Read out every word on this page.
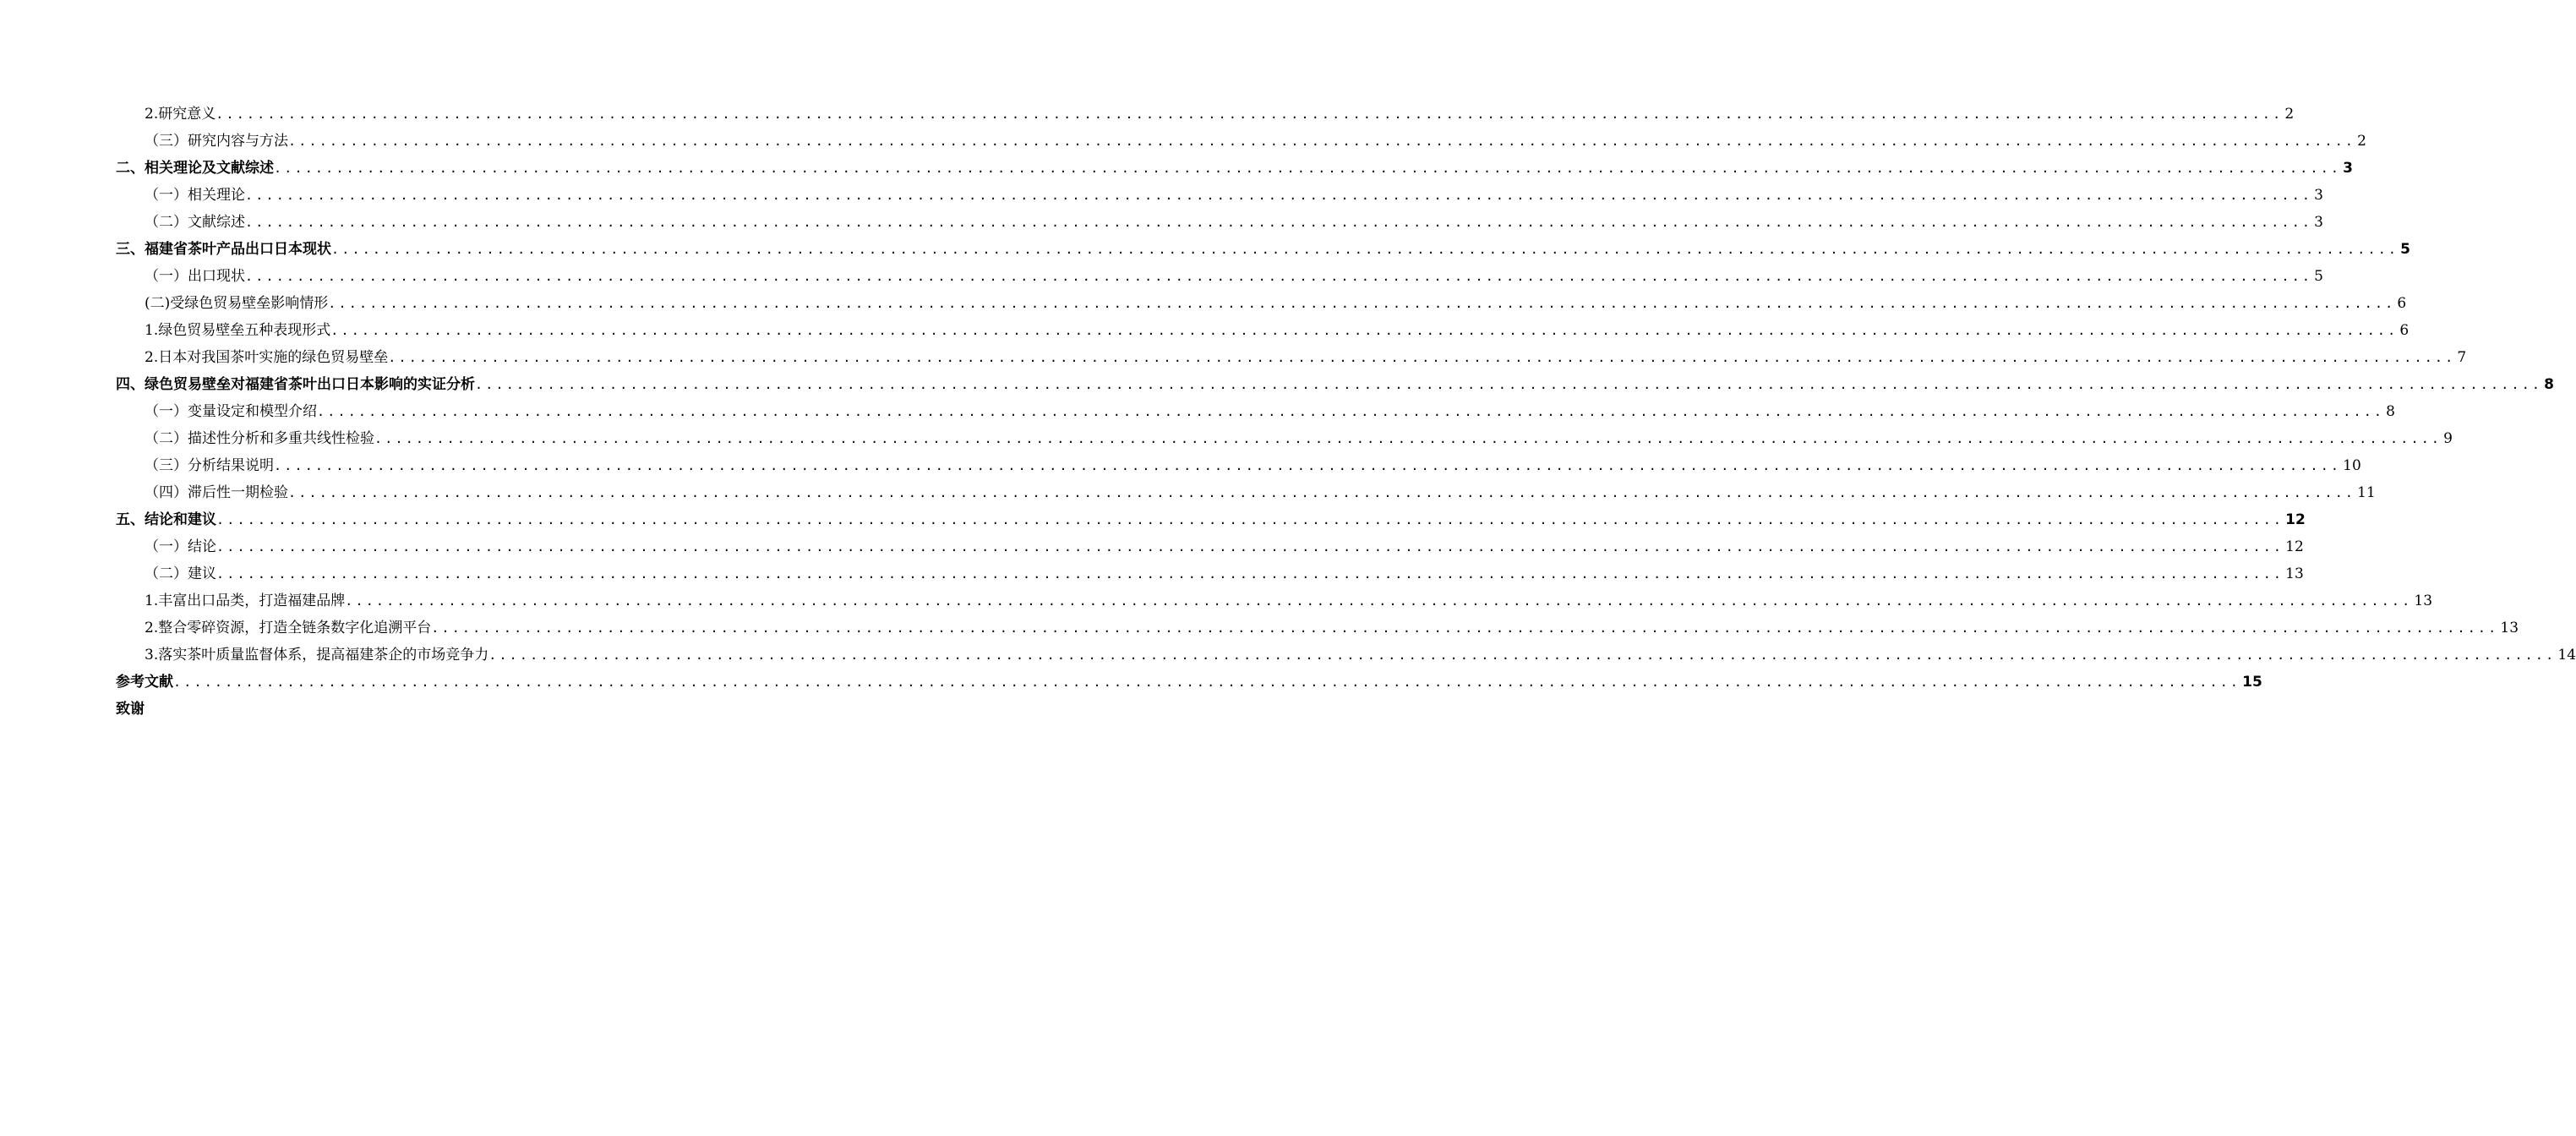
2.研究意义 ........................................................................................................................................................................................................ 2
（三）研究内容与方法 ........................................................................................................................................................................................................ 2
二、相关理论及文献综述 ........................................................................................................................................................................................................ 3
（一）相关理论 ........................................................................................................................................................................................................ 3
（二）文献综述 ........................................................................................................................................................................................................ 3
三、福建省茶叶产品出口日本现状 ........................................................................................................................................................................................................ 5
（一）出口现状 ........................................................................................................................................................................................................ 5
(二)受绿色贸易壁垒影响情形 ........................................................................................................................................................................................................ 6
1.绿色贸易壁垒五种表现形式 ........................................................................................................................................................................................................ 6
2.日本对我国茶叶实施的绿色贸易壁垒 ........................................................................................................................................................................................................ 7
四、绿色贸易壁垒对福建省茶叶出口日本影响的实证分析 ........................................................................................................................................................................................................ 8
（一）变量设定和模型介绍 ........................................................................................................................................................................................................ 8
（二）描述性分析和多重共线性检验 ........................................................................................................................................................................................................ 9
（三）分析结果说明 ........................................................................................................................................................................................................ 10
（四）滞后性一期检验 ........................................................................................................................................................................................................ 11
五、结论和建议 ........................................................................................................................................................................................................ 12
（一）结论 ........................................................................................................................................................................................................ 12
（二）建议 ........................................................................................................................................................................................................ 13
1.丰富出口品类，打造福建品牌 ........................................................................................................................................................................................................ 13
2.整合零碎资源，打造全链条数字化追溯平台 ........................................................................................................................................................................................................ 13
3.落实茶叶质量监督体系，提高福建茶企的市场竞争力 ........................................................................................................................................................................................................ 14
参考文献 ........................................................................................................................................................................................................ 15
致谢
